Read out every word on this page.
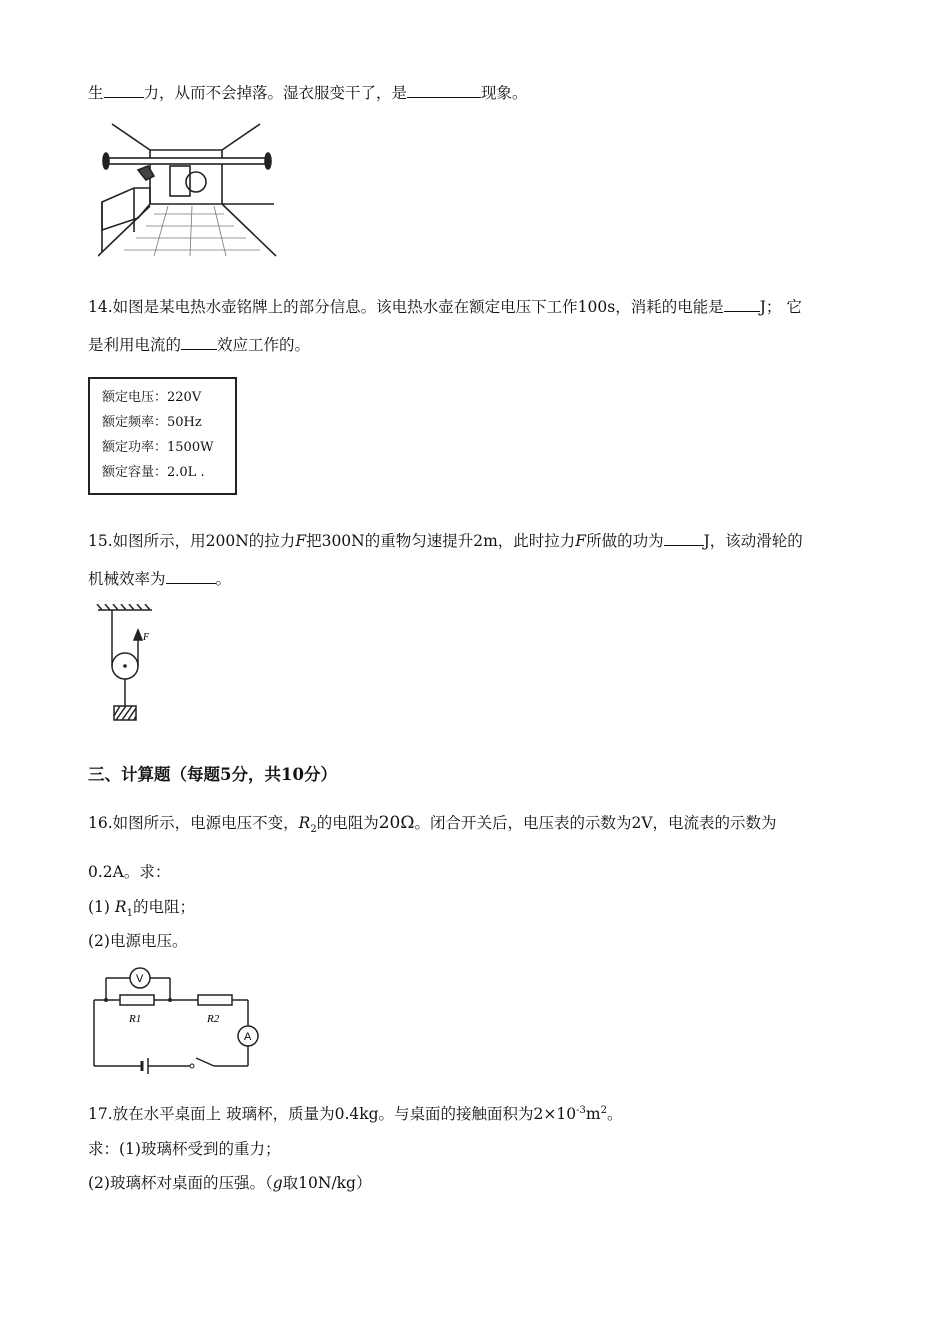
生	力，从而不会掉落。湿衣服变干了，是	现象。
14.如图是某电热水壶铭牌上的部分信息。该电热水壶在额定电压下工作100s，消耗的电能是 J； 它
是利用电流的 效应工作的。
额定电压：220V
额定频率：50Hz
额定功率：1500W
额定容量：2.0L .
15.如图所示，用200N的拉力F把300N的重物匀速提升2m，此时拉力F所做的功为	J，该动滑轮的
机械效率为	。
F
三、计算题（每题5分，共10分）
16.如图所示，电源电压不变，$R_2$的电阻为20Ω。闭合开关后，电压表的示数为2V，电流表的示数为
0.2A。求：
(1) $R_1$的电阻；
(2)电源电压。
V
A
R1	R2
17.放在水平桌面上 玻璃杯，质量为0.4kg。与桌面的接触面积为$2\times 10^{-3}m^2$。
求：(1)玻璃杯受到的重力；
(2)玻璃杯对桌面的压强。（g取10N/kg）
